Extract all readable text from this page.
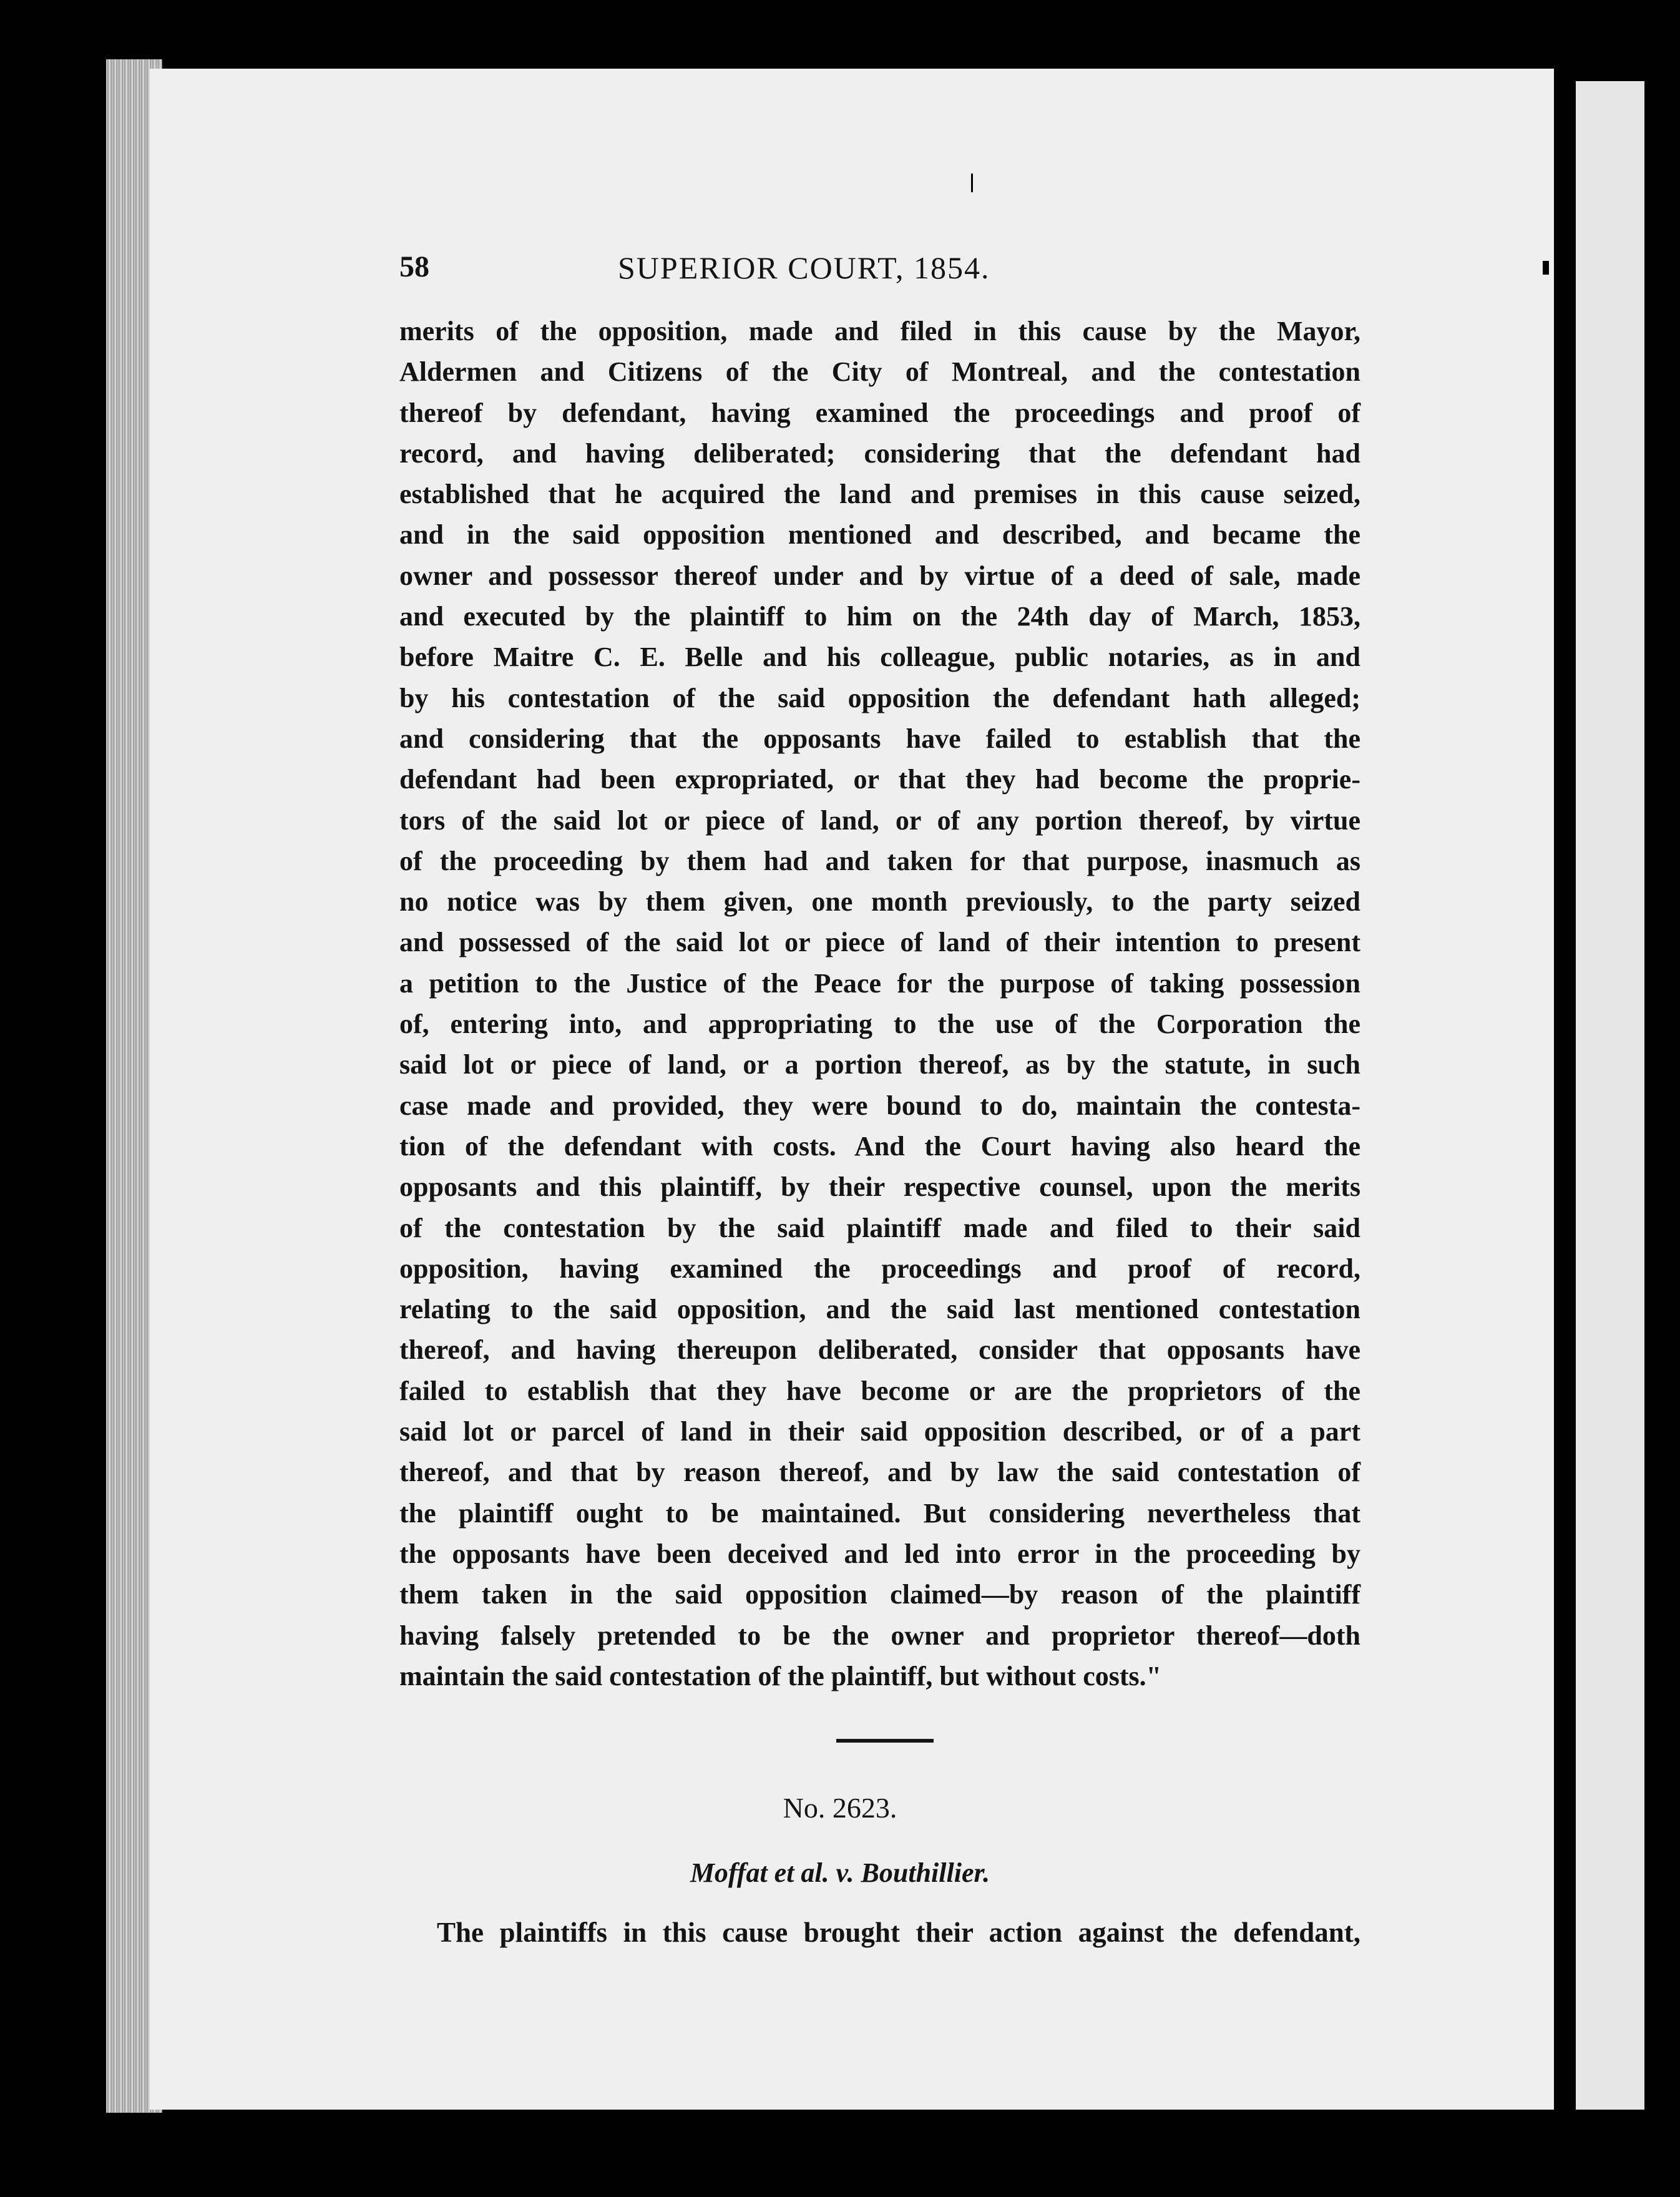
58	SUPERIOR COURT, 1854.
merits of the opposition, made and filed in this cause by the Mayor,
Aldermen and Citizens of the City of Montreal, and the contestation
thereof by defendant, having examined the proceedings and proof of
record, and having deliberated; considering that the defendant had
established that he acquired the land and premises in this cause seized,
and in the said opposition mentioned and described, and became the
owner and possessor thereof under and by virtue of a deed of sale, made
and executed by the plaintiff to him on the 24th day of March, 1853,
before Maitre C. E. Belle and his colleague, public notaries, as in and
by his contestation of the said opposition the defendant hath alleged;
and considering that the opposants have failed to establish that the
defendant had been expropriated, or that they had become the proprie-
tors of the said lot or piece of land, or of any portion thereof, by virtue
of the proceeding by them had and taken for that purpose, inasmuch as
no notice was by them given, one month previously, to the party seized
and possessed of the said lot or piece of land of their intention to present
a petition to the Justice of the Peace for the purpose of taking possession
of, entering into, and appropriating to the use of the Corporation the
said lot or piece of land, or a portion thereof, as by the statute, in such
case made and provided, they were bound to do, maintain the contesta-
tion of the defendant with costs. And the Court having also heard the
opposants and this plaintiff, by their respective counsel, upon the merits
of the contestation by the said plaintiff made and filed to their said
opposition, having examined the proceedings and proof of record,
relating to the said opposition, and the said last mentioned contestation
thereof, and having thereupon deliberated, consider that opposants have
failed to establish that they have become or are the proprietors of the
said lot or parcel of land in their said opposition described, or of a part
thereof, and that by reason thereof, and by law the said contestation of
the plaintiff ought to be maintained. But considering nevertheless that
the opposants have been deceived and led into error in the proceeding by
them taken in the said opposition claimed—by reason of the plaintiff
having falsely pretended to be the owner and proprietor thereof—doth
maintain the said contestation of the plaintiff, but without costs."
No. 2623.
Moffat et al. v. Bouthillier.
The plaintiffs in this cause brought their action against the defendant,
